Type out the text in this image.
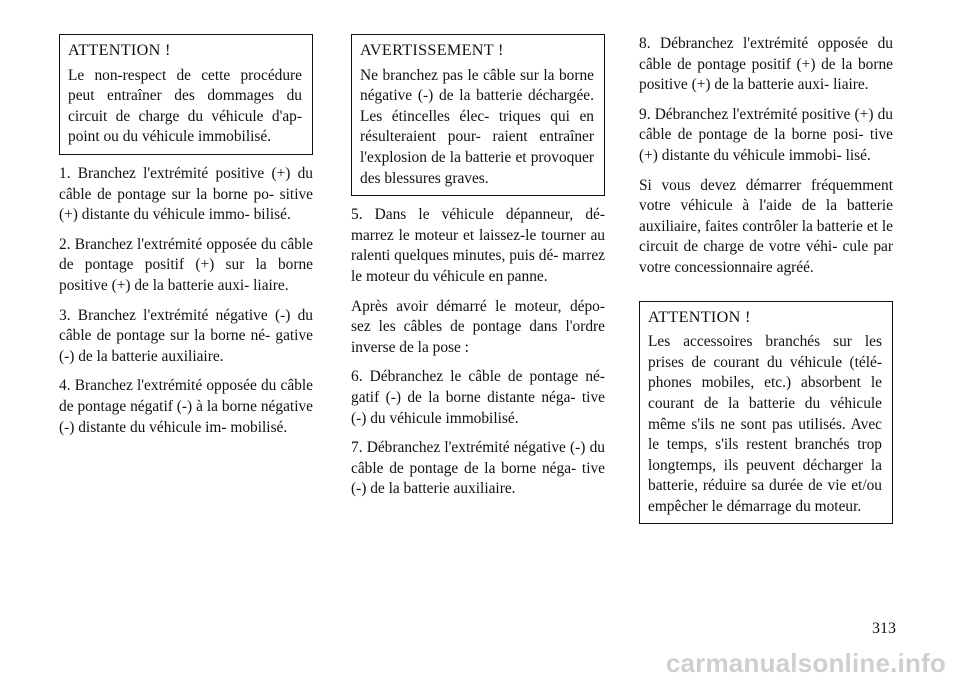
ATTENTION !

Le non-respect de cette procédure peut entraîner des dommages du circuit de charge du véhicule d'ap- point ou du véhicule immobilisé.

1. Branchez l'extrémité positive (+) du câble de pontage sur la borne po- sitive (+) distante du véhicule immo- bilisé.

2. Branchez l'extrémité opposée du câble de pontage positif (+) sur la borne positive (+) de la batterie auxi- liaire.

3. Branchez l'extrémité négative (-) du câble de pontage sur la borne né- gative (-) de la batterie auxiliaire.

4. Branchez l'extrémité opposée du câble de pontage négatif (-) à la borne négative (-) distante du véhicule im- mobilisé.

AVERTISSEMENT !

Ne branchez pas le câble sur la borne négative (-) de la batterie déchargée. Les étincelles élec- triques qui en résulteraient pour- raient entraîner l'explosion de la batterie et provoquer des blessures graves.

5. Dans le véhicule dépanneur, dé- marrez le moteur et laissez-le tourner au ralenti quelques minutes, puis dé- marrez le moteur du véhicule en panne.

Après avoir démarré le moteur, dépo- sez les câbles de pontage dans l'ordre inverse de la pose :

6. Débranchez le câble de pontage né- gatif (-) de la borne distante néga- tive (-) du véhicule immobilisé.

7. Débranchez l'extrémité négative (-) du câble de pontage de la borne néga- tive (-) de la batterie auxiliaire.

8. Débranchez l'extrémité opposée du câble de pontage positif (+) de la borne positive (+) de la batterie auxi- liaire.

9. Débranchez l'extrémité positive (+) du câble de pontage de la borne posi- tive (+) distante du véhicule immobi- lisé.

Si vous devez démarrer fréquemment votre véhicule à l'aide de la batterie auxiliaire, faites contrôler la batterie et le circuit de charge de votre véhi- cule par votre concessionnaire agréé.

ATTENTION !

Les accessoires branchés sur les prises de courant du véhicule (télé- phones mobiles, etc.) absorbent le courant de la batterie du véhicule même s'ils ne sont pas utilisés. Avec le temps, s'ils restent branchés trop longtemps, ils peuvent décharger la batterie, réduire sa durée de vie et/ou empêcher le démarrage du moteur.

313
carmanualsonline.info
